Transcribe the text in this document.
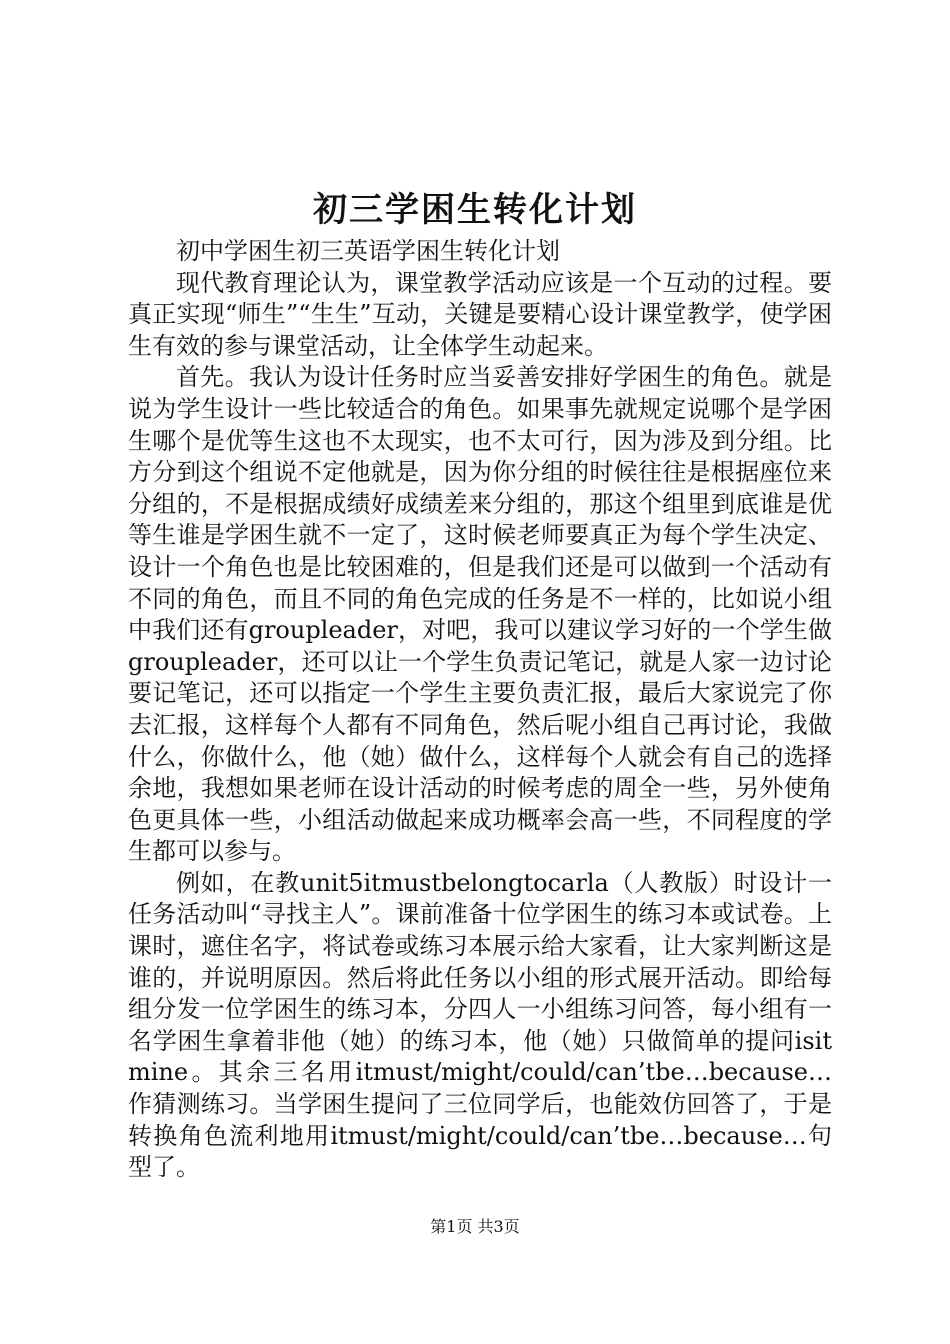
初三学困生转化计划

初中学困生初三英语学困生转化计划

现代教育理论认为，课堂教学活动应该是一个互动的过程。要真正实现“师生”“生生”互动，关键是要精心设计课堂教学，使学困生有效的参与课堂活动，让全体学生动起来。

首先。我认为设计任务时应当妥善安排好学困生的角色。就是说为学生设计一些比较适合的角色。如果事先就规定说哪个是学困生哪个是优等生这也不太现实，也不太可行，因为涉及到分组。比方分到这个组说不定他就是，因为你分组的时候往往是根据座位来分组的，不是根据成绩好成绩差来分组的，那这个组里到底谁是优等生谁是学困生就不一定了，这时候老师要真正为每个学生决定、设计一个角色也是比较困难的，但是我们还是可以做到一个活动有不同的角色，而且不同的角色完成的任务是不一样的，比如说小组中我们还有groupleader，对吧，我可以建议学习好的一个学生做groupleader，还可以让一个学生负责记笔记，就是人家一边讨论要记笔记，还可以指定一个学生主要负责汇报，最后大家说完了你去汇报，这样每个人都有不同角色，然后呢小组自己再讨论，我做什么，你做什么，他（她）做什么，这样每个人就会有自己的选择余地，我想如果老师在设计活动的时候考虑的周全一些，另外使角色更具体一些，小组活动做起来成功概率会高一些，不同程度的学生都可以参与。

例如，在教unit5itmustbelongtocarla（人教版）时设计一任务活动叫“寻找主人”。课前准备十位学困生的练习本或试卷。上课时，遮住名字，将试卷或练习本展示给大家看，让大家判断这是谁的，并说明原因。然后将此任务以小组的形式展开活动。即给每组分发一位学困生的练习本，分四人一小组练习问答，每小组有一名学困生拿着非他（她）的练习本，他（她）只做简单的提问isitmine。其余三名用itmust/might/could/can’tbe…because…作猜测练习。当学困生提问了三位同学后，也能效仿回答了，于是转换角色流利地用itmust/might/could/can’tbe…because…句型了。

第1页 共3页
